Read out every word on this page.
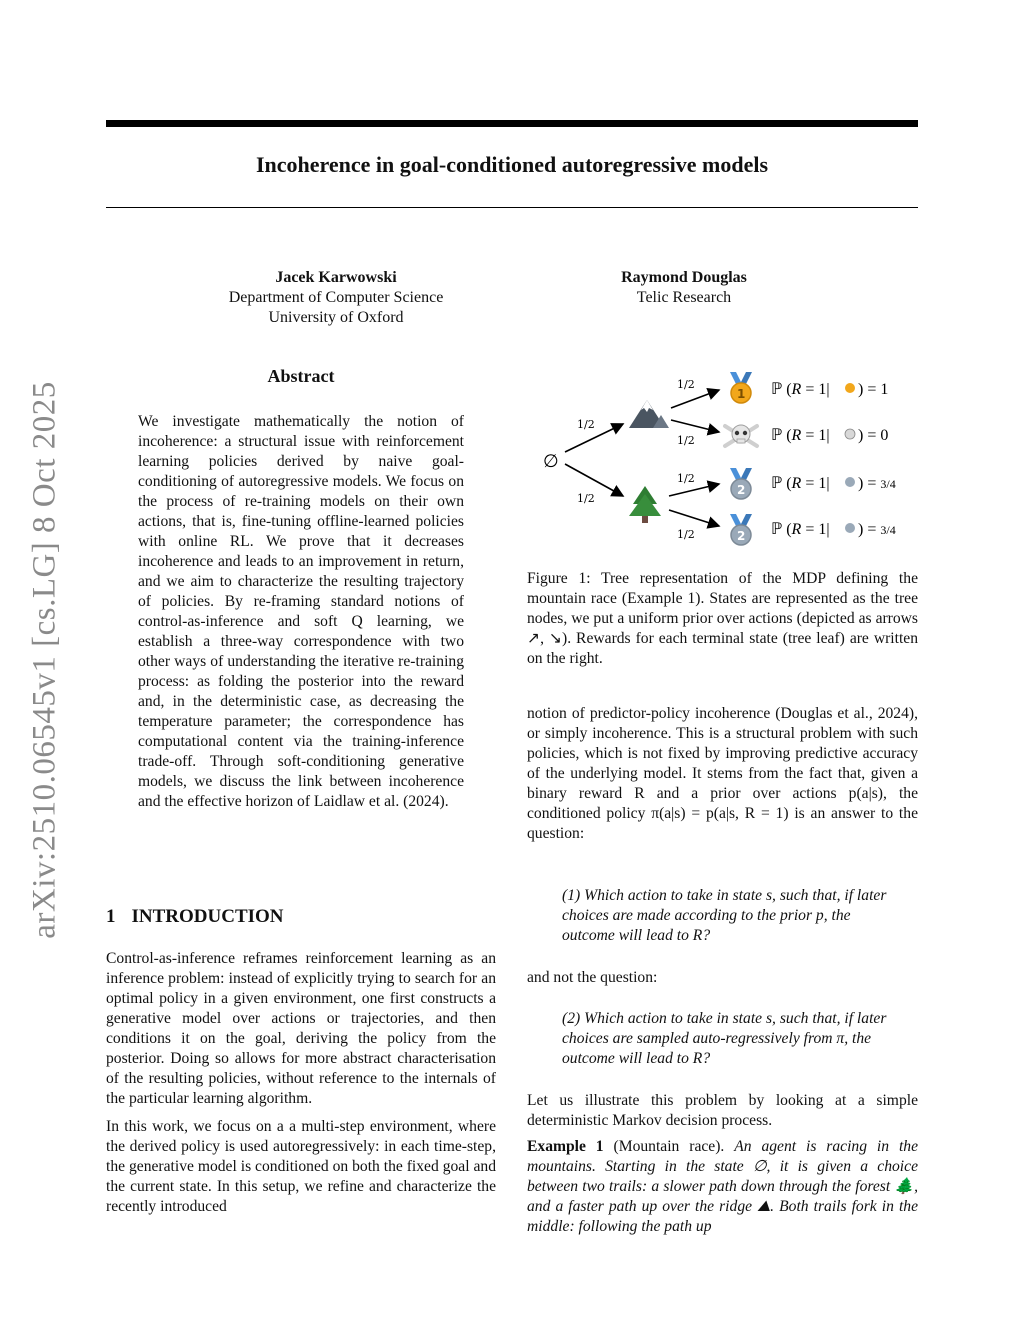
Incoherence in goal-conditioned autoregressive models
arXiv:2510.06545v1 [cs.LG] 8 Oct 2025
Jacek Karwowski
Department of Computer Science
University of Oxford
Raymond Douglas
Telic Research
Abstract

We investigate mathematically the notion of incoherence: a structural issue with reinforcement learning policies derived by naive goal-conditioning of autoregressive models. We focus on the process of re-training models on their own actions, that is, fine-tuning offline-learned policies with online RL. We prove that it decreases incoherence and leads to an improvement in return, and we aim to characterize the resulting trajectory of policies. By re-framing standard notions of control-as-inference and soft Q learning, we establish a three-way correspondence with two other ways of understanding the iterative re-training process: as folding the posterior into the reward and, in the deterministic case, as decreasing the temperature parameter; the correspondence has computational content via the training-inference trade-off. Through soft-conditioning generative models, we discuss the link between incoherence and the effective horizon of Laidlaw et al. (2024).

1 INTRODUCTION

Control-as-inference reframes reinforcement learning as an inference problem: instead of explicitly trying to search for an optimal policy in a given environment, one first constructs a generative model over actions or trajectories, and then conditions it on the goal, deriving the policy from the posterior. Doing so allows for more abstract characterisation of the resulting policies, without reference to the internals of the particular learning algorithm.

In this work, we focus on a a multi-step environment, where the derived policy is used autoregressively: in each time-step, the generative model is conditioned on both the fixed goal and the current state. In this setup, we refine and characterize the recently introduced

∅
1/2
1/2
1/2
1/2
1/2
1/2
1
2
2
ℙ (R = 1| ) = 1
ℙ (R = 1| ) = 0
ℙ (R = 1| ) = 3/4
ℙ (R = 1| ) = 3/4

Figure 1: Tree representation of the MDP defining the mountain race (Example 1). States are represented as the tree nodes, we put a uniform prior over actions (depicted as arrows ↗, ↘). Rewards for each terminal state (tree leaf) are written on the right.

notion of predictor-policy incoherence (Douglas et al., 2024), or simply incoherence. This is a structural problem with such policies, which is not fixed by improving predictive accuracy of the underlying model. It stems from the fact that, given a binary reward R and a prior over actions p(a|s), the conditioned policy π(a|s) = p(a|s, R = 1) is an answer to the question:

(1) Which action to take in state s, such that, if later choices are made according to the prior p, the outcome will lead to R?

and not the question:

(2) Which action to take in state s, such that, if later choices are sampled auto-regressively from π, the outcome will lead to R?

Let us illustrate this problem by looking at a simple deterministic Markov decision process.

Example 1 (Mountain race). An agent is racing in the mountains. Starting in the state ∅, it is given a choice between two trails: a slower path down through the forest 🌲, and a faster path up over the ridge ⛰. Both trails fork in the middle: following the path up
